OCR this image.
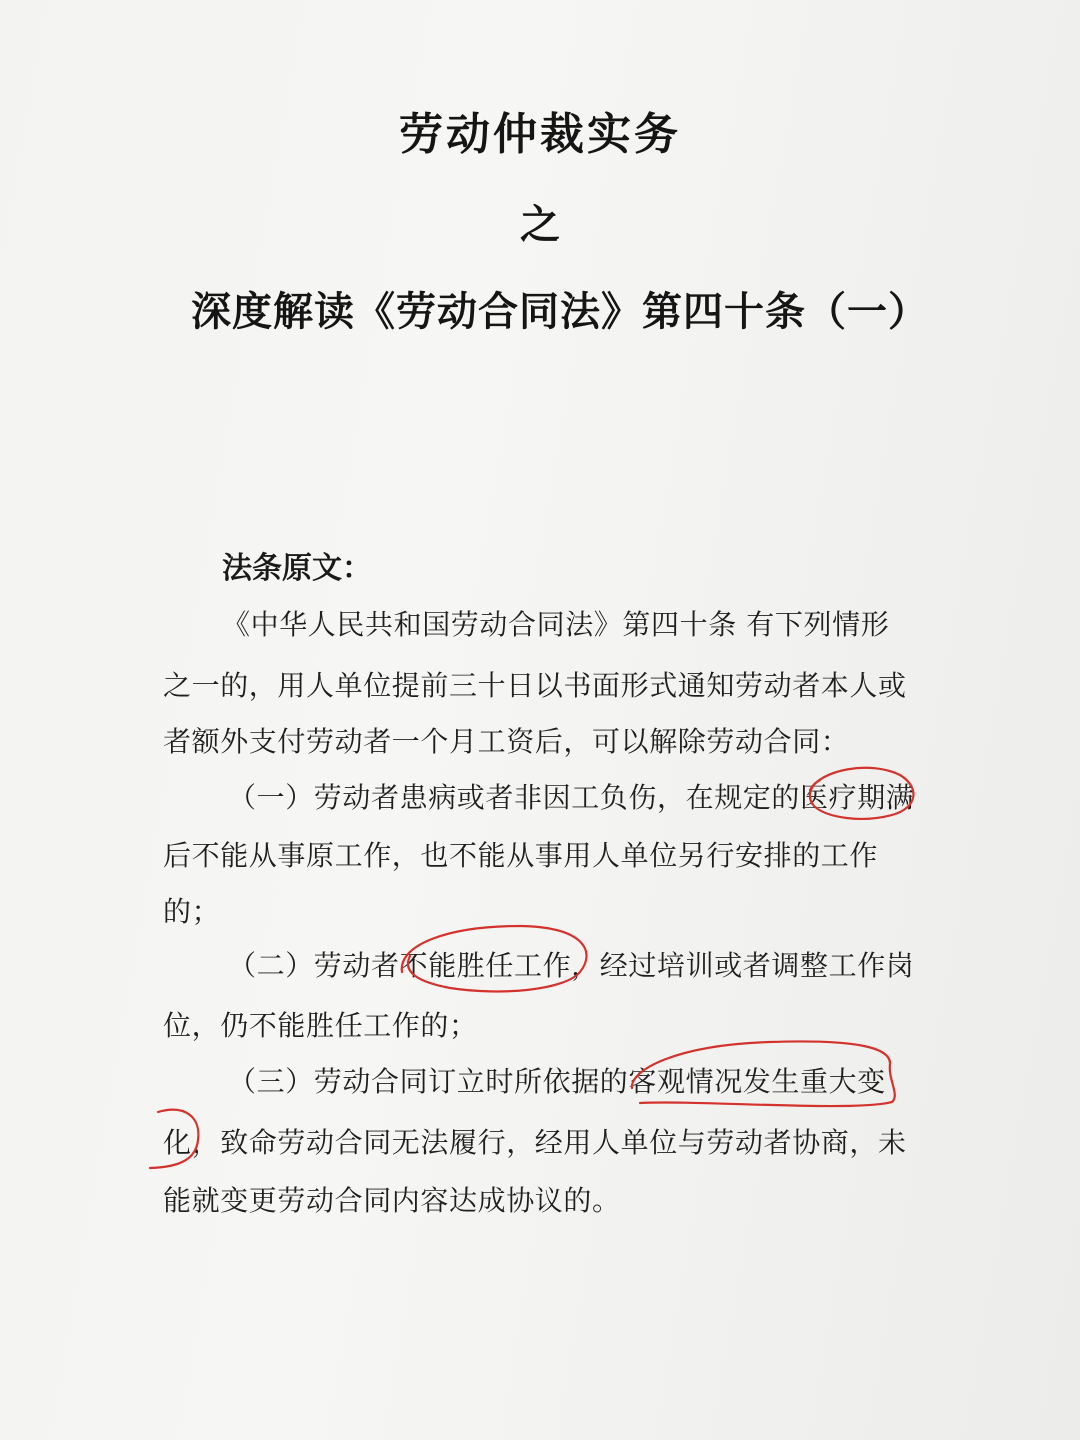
劳动仲裁实务
之
深度解读《劳动合同法》第四十条（一）
法条原文：
《中华人民共和国劳动合同法》第四十条 有下列情形
之一的，用人单位提前三十日以书面形式通知劳动者本人或
者额外支付劳动者一个月工资后，可以解除劳动合同：
（一）劳动者患病或者非因工负伤，在规定的医疗期满
后不能从事原工作，也不能从事用人单位另行安排的工作
的；
（二）劳动者不能胜任工作，经过培训或者调整工作岗
位，仍不能胜任工作的；
（三）劳动合同订立时所依据的客观情况发生重大变
化，致命劳动合同无法履行，经用人单位与劳动者协商，未
能就变更劳动合同内容达成协议的。
